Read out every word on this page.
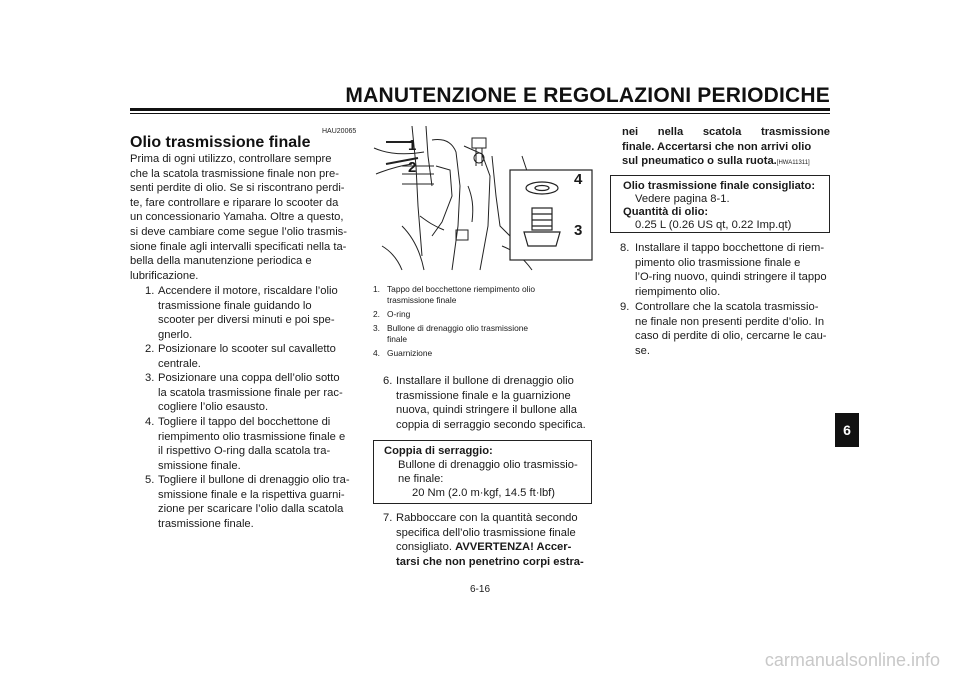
MANUTENZIONE E REGOLAZIONI PERIODICHE
HAU20065
Olio trasmissione finale
Prima di ogni utilizzo, controllare sempre
che la scatola trasmissione finale non pre-
senti perdite di olio. Se si riscontrano perdi-
te, fare controllare e riparare lo scooter da
un concessionario Yamaha. Oltre a questo,
si deve cambiare come segue l’olio trasmis-
sione finale agli intervalli specificati nella ta-
bella della manutenzione periodica e
lubrificazione.
1. Accendere il motore, riscaldare l’olio
trasmissione finale guidando lo
scooter per diversi minuti e poi spe-
gnerlo.
2. Posizionare lo scooter sul cavalletto
centrale.
3. Posizionare una coppa dell’olio sotto
la scatola trasmissione finale per rac-
cogliere l’olio esausto.
4. Togliere il tappo del bocchettone di
riempimento olio trasmissione finale e
il rispettivo O-ring dalla scatola tra-
smissione finale.
5. Togliere il bullone di drenaggio olio tra-
smissione finale e la rispettiva guarni-
zione per scaricare l’olio dalla scatola
trasmissione finale.
1
2
3
4
1. Tappo del bocchettone riempimento olio
trasmissione finale
2. O-ring
3. Bullone di drenaggio olio trasmissione
finale
4. Guarnizione
6. Installare il bullone di drenaggio olio
trasmissione finale e la guarnizione
nuova, quindi stringere il bullone alla
coppia di serraggio secondo specifica.
Coppia di serraggio:
Bullone di drenaggio olio trasmissio-
ne finale:
20 Nm (2.0 m·kgf, 14.5 ft·lbf)
7. Rabboccare con la quantità secondo
specifica dell’olio trasmissione finale
consigliato. AVVERTENZA! Accer-
tarsi che non penetrino corpi estra-
nei nella scatola trasmissione
finale. Accertarsi che non arrivi olio
sul pneumatico o sulla ruota.[HWA11311]
Olio trasmissione finale consigliato:
Vedere pagina 8-1.
Quantità di olio:
0.25 L (0.26 US qt, 0.22 Imp.qt)
8. Installare il tappo bocchettone di riem-
pimento olio trasmissione finale e
l’O-ring nuovo, quindi stringere il tappo
riempimento olio.
9. Controllare che la scatola trasmissio-
ne finale non presenti perdite d’olio. In
caso di perdite di olio, cercarne le cau-
se.
6
6-16
carmanualsonline.info
